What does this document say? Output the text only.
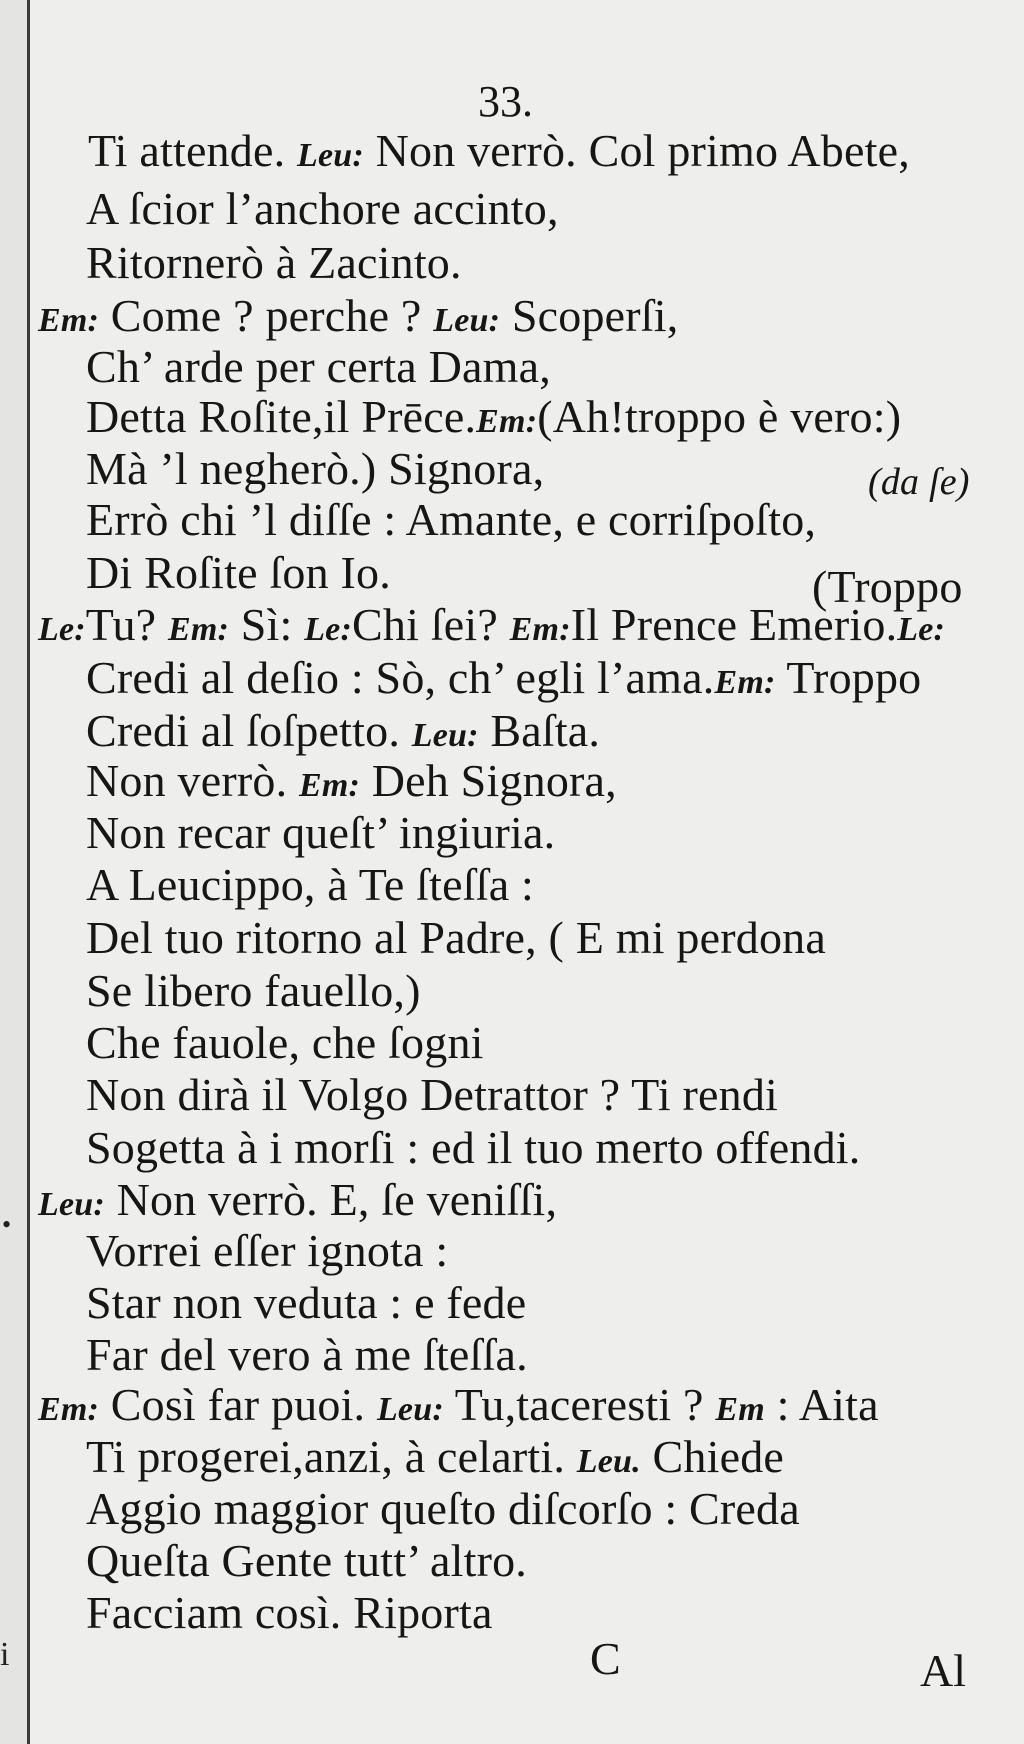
•
i
33.
Ti attende. Leu: Non verrò. Col primo Abete,
A ſcior l’anchore accinto,
Ritornerò à Zacinto.
Em: Come ? perche ? Leu: Scoperſi,
Ch’ arde per certa Dama,
Detta Roſite,il Prēce.Em:(Ah!troppo è vero:)
Mà ’l negherò.) Signora,
Errò chi ’l diſſe : Amante, e corriſpoſto,
Di Roſite ſon Io.
Le:Tu? Em: Sì: Le:Chi ſei? Em:Il Prence Emerio.Le:
Credi al deſio : Sò, ch’ egli l’ama.Em: Troppo
Credi al ſoſpetto. Leu: Baſta.
Non verrò. Em: Deh Signora,
Non recar queſt’ ingiuria.
A Leucippo, à Te ſteſſa :
Del tuo ritorno al Padre, ( E mi perdona
Se libero fauello,)
Che fauole, che ſogni
Non dirà il Volgo Detrattor ? Ti rendi
Sogetta à i morſi : ed il tuo merto offendi.
Leu: Non verrò. E, ſe veniſſi,
Vorrei eſſer ignota :
Star non veduta : e fede
Far del vero à me ſteſſa.
Em: Così far puoi. Leu: Tu,taceresti ? Em : Aita
Ti progerei,anzi, à celarti. Leu. Chiede
Aggio maggior queſto diſcorſo : Creda
Queſta Gente tutt’ altro.
Facciam così. Riporta
(da ſe)
(Troppo
C	Al
